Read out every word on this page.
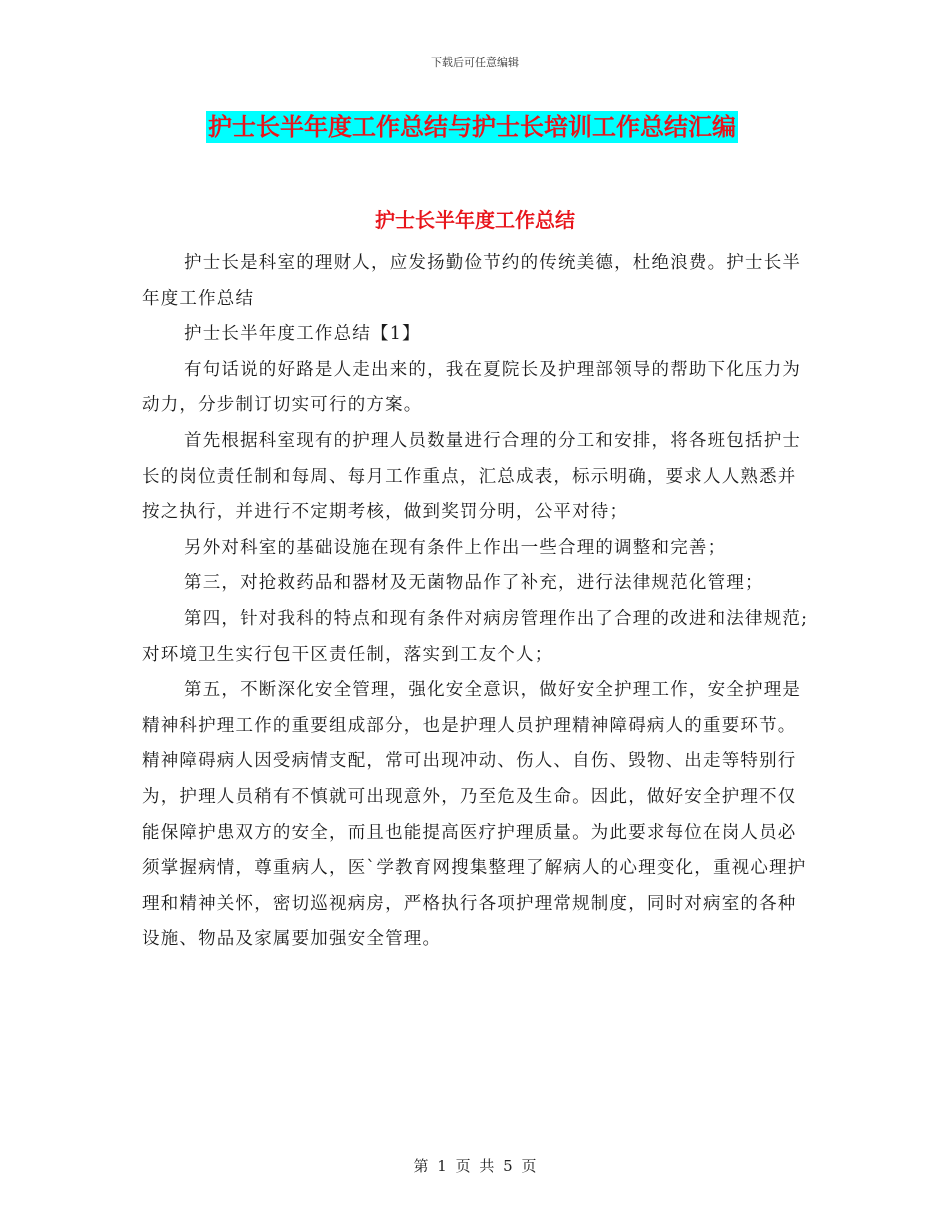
下载后可任意编辑
护士长半年度工作总结与护士长培训工作总结汇编
护士长半年度工作总结

护士长是科室的理财人，应发扬勤俭节约的传统美德，杜绝浪费。护士长半年度工作总结

护士长半年度工作总结【1】

有句话说的好路是人走出来的，我在夏院长及护理部领导的帮助下化压力为动力，分步制订切实可行的方案。

首先根据科室现有的护理人员数量进行合理的分工和安排，将各班包括护士长的岗位责任制和每周、每月工作重点，汇总成表，标示明确，要求人人熟悉并按之执行，并进行不定期考核，做到奖罚分明，公平对待；

另外对科室的基础设施在现有条件上作出一些合理的调整和完善；

第三，对抢救药品和器材及无菌物品作了补充，进行法律规范化管理；

第四，针对我科的特点和现有条件对病房管理作出了合理的改进和法律规范;对环境卫生实行包干区责任制，落实到工友个人；

第五，不断深化安全管理，强化安全意识，做好安全护理工作，安全护理是精神科护理工作的重要组成部分，也是护理人员护理精神障碍病人的重要环节。精神障碍病人因受病情支配，常可出现冲动、伤人、自伤、毁物、出走等特别行为，护理人员稍有不慎就可出现意外，乃至危及生命。因此，做好安全护理不仅能保障护患双方的安全，而且也能提高医疗护理质量。为此要求每位在岗人员必须掌握病情，尊重病人，医`学教育网搜集整理了解病人的心理变化，重视心理护理和精神关怀，密切巡视病房，严格执行各项护理常规制度，同时对病室的各种设施、物品及家属要加强安全管理。

第 1 页 共 5 页
